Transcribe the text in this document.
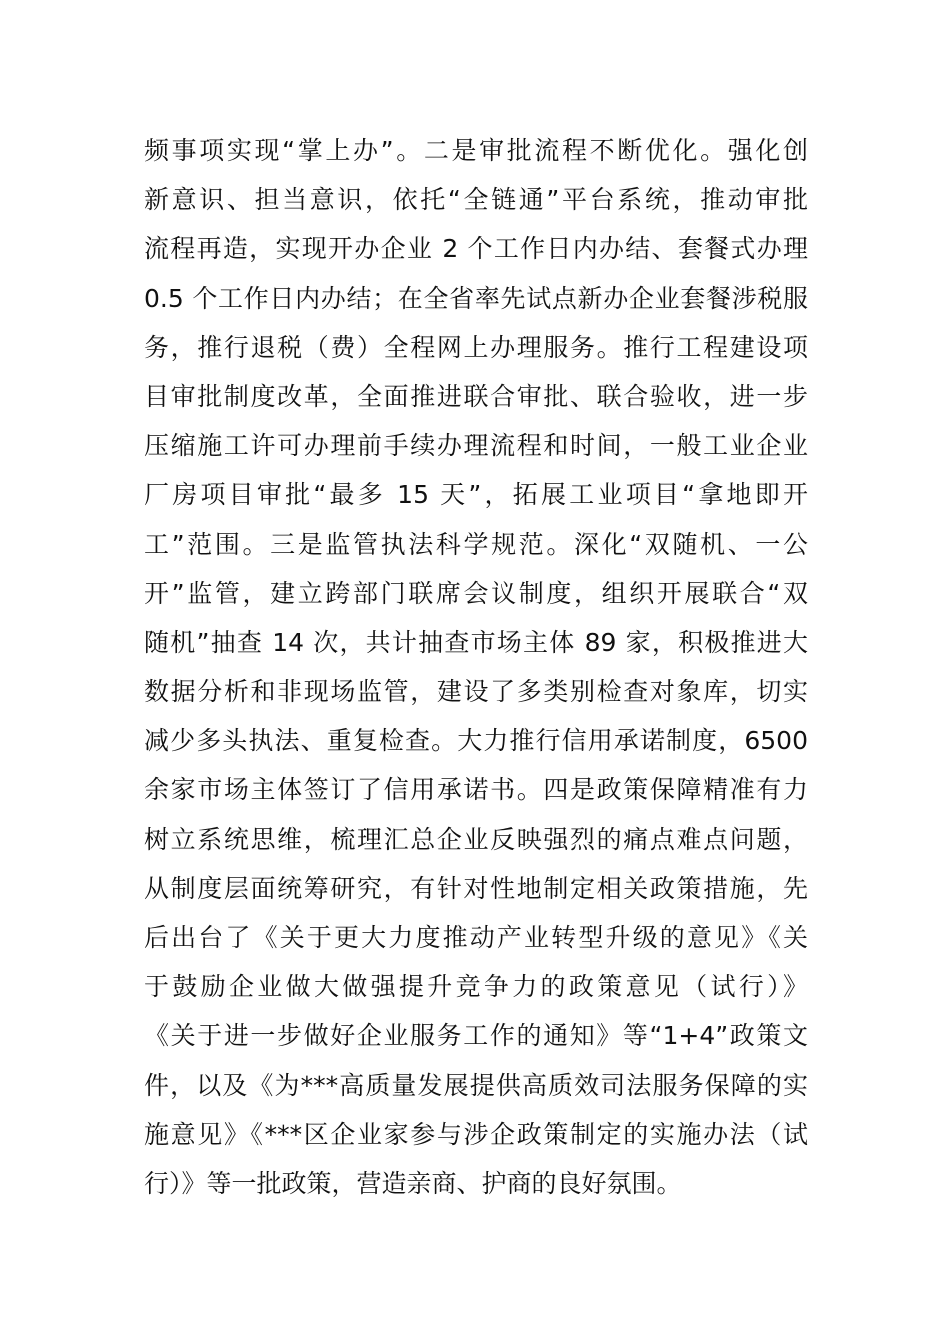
频事项实现“掌上办”。二是审批流程不断优化。强化创
新意识、担当意识，依托“全链通”平台系统，推动审批
流程再造，实现开办企业 2 个工作日内办结、套餐式办理
0.5 个工作日内办结；在全省率先试点新办企业套餐涉税服
务，推行退税（费）全程网上办理服务。推行工程建设项
目审批制度改革，全面推进联合审批、联合验收，进一步
压缩施工许可办理前手续办理流程和时间，一般工业企业
厂房项目审批“最多 15 天”，拓展工业项目“拿地即开
工”范围。三是监管执法科学规范。深化“双随机、一公
开”监管，建立跨部门联席会议制度，组织开展联合“双
随机”抽查 14 次，共计抽查市场主体 89 家，积极推进大
数据分析和非现场监管，建设了多类别检查对象库，切实
减少多头执法、重复检查。大力推行信用承诺制度，6500
余家市场主体签订了信用承诺书。四是政策保障精准有力
树立系统思维，梳理汇总企业反映强烈的痛点难点问题，
从制度层面统筹研究，有针对性地制定相关政策措施，先
后出台了《关于更大力度推动产业转型升级的意见》《关
于鼓励企业做大做强提升竞争力的政策意见（试行）》
《关于进一步做好企业服务工作的通知》等“1+4”政策文
件，以及《为***高质量发展提供高质效司法服务保障的实
施意见》《***区企业家参与涉企政策制定的实施办法（试
行）》等一批政策，营造亲商、护商的良好氛围。
